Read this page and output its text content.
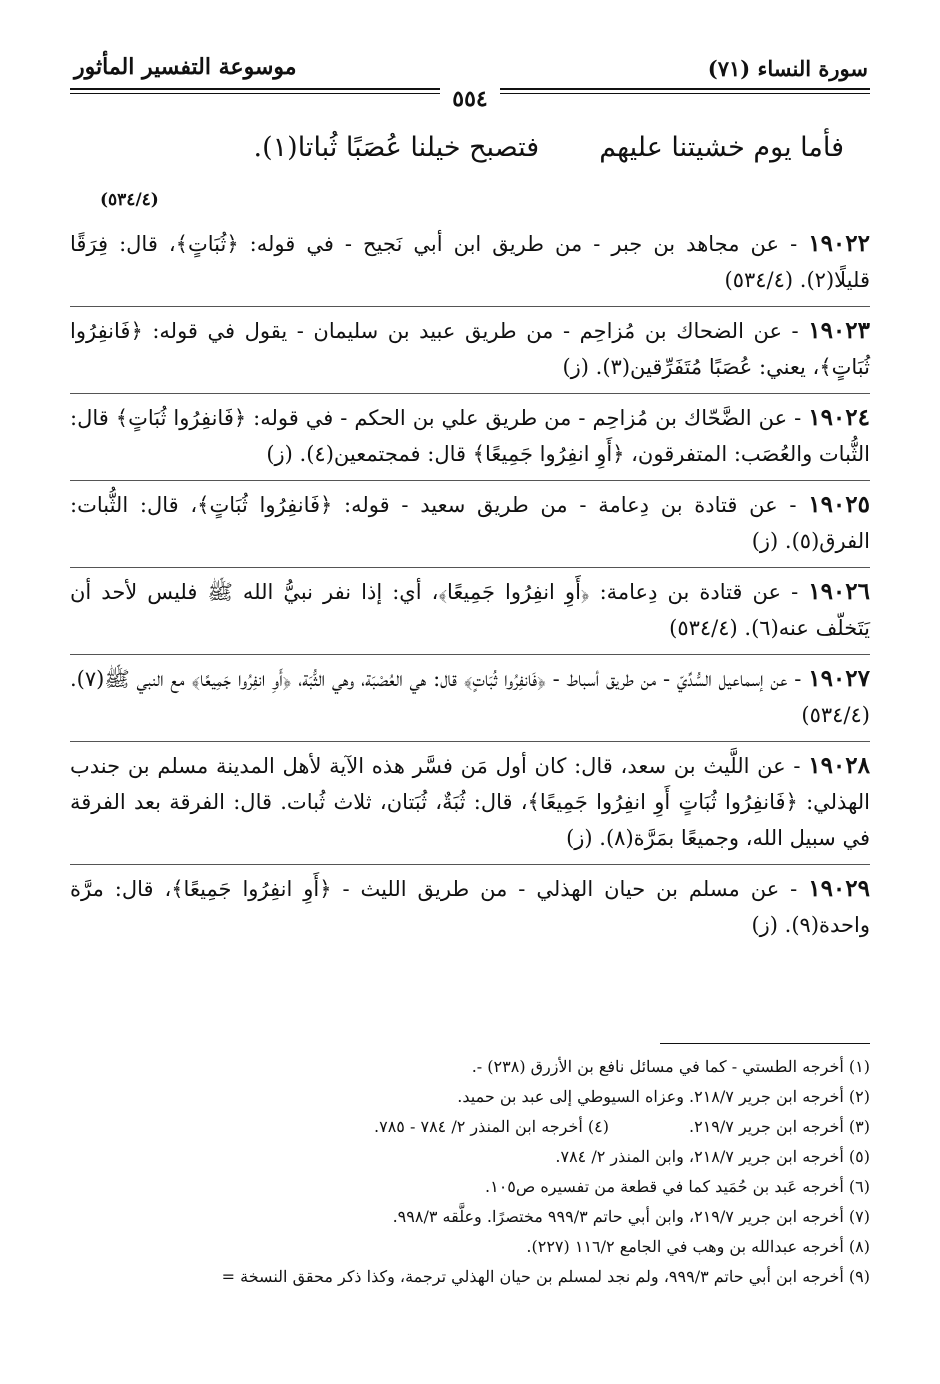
سورة النساء (٧١)
موسوعة التفسير المأثور
٥٥٤
فأما يوم خشيتنا عليهم
فتصبح خيلنا عُصَبًا ثُباتا(١).
(٥٣٤/٤)
١٩٠٢٢ - عن مجاهد بن جبر - من طريق ابن أبي نَجيح - في قوله: ﴿ثُبَاتٍ﴾، قال: فِرَقًا قليلًا(٢). (٥٣٤/٤)
١٩٠٢٣ - عن الضحاك بن مُزاحِم - من طريق عبيد بن سليمان - يقول في قوله: ﴿فَانفِرُوا ثُبَاتٍ﴾، يعني: عُصَبًا مُتَفَرِّقين(٣). (ز)
١٩٠٢٤ - عن الضَّحّاك بن مُزاحِم - من طريق علي بن الحكم - في قوله: ﴿فَانفِرُوا ثُبَاتٍ﴾ قال: الثُّبات والعُصَب: المتفرقون، ﴿أَوِ انفِرُوا جَمِيعًا﴾ قال: فمجتمعين(٤). (ز)
١٩٠٢٥ - عن قتادة بن دِعامة - من طريق سعيد - قوله: ﴿فَانفِرُوا ثُبَاتٍ﴾، قال: الثُّبات: الفرق(٥). (ز)
١٩٠٢٦ - عن قتادة بن دِعامة: ﴿أَوِ انفِرُوا جَمِيعًا﴾، أي: إذا نفر نبيُّ الله ﷺ فليس لأحد أن يَتَخلّف عنه(٦). (٥٣٤/٤)
١٩٠٢٧ - عن إسماعيل السُّدِّيّ - من طريق أسباط - ﴿فَانفِرُوا ثُبَاتٍ﴾ قال: هي العُصْبَة، وهي الثُّبَة، ﴿أَوِ انفِرُوا جَمِيعًا﴾ مع النبي ﷺ(٧). (٥٣٤/٤)
١٩٠٢٨ - عن اللَّيث بن سعد، قال: كان أول مَن فسَّر هذه الآية لأهل المدينة مسلم بن جندب الهذلي: ﴿فَانفِرُوا ثُبَاتٍ أَوِ انفِرُوا جَمِيعًا﴾، قال: ثُبَةٌ، ثُبَتان، ثلاث ثُبات. قال: الفرقة بعد الفرقة في سبيل الله، وجميعًا بمَرَّة(٨). (ز)
١٩٠٢٩ - عن مسلم بن حيان الهذلي - من طريق الليث - ﴿أَوِ انفِرُوا جَمِيعًا﴾، قال: مرَّة واحدة(٩). (ز)
(١) أخرجه الطستي - كما في مسائل نافع بن الأزرق (٢٣٨) -.
(٢) أخرجه ابن جرير ٢١٨/٧. وعزاه السيوطي إلى عبد بن حميد.
(٣) أخرجه ابن جرير ٢١٩/٧.
(٤) أخرجه ابن المنذر ٢/ ٧٨٤ - ٧٨٥.
(٥) أخرجه ابن جرير ٢١٨/٧، وابن المنذر ٢/ ٧٨٤.
(٦) أخرجه عَبد بن حُمَيد كما في قطعة من تفسيره ص١٠٥.
(٧) أخرجه ابن جرير ٢١٩/٧، وابن أبي حاتم ٩٩٩/٣ مختصرًا. وعلَّقه ٩٩٨/٣.
(٨) أخرجه عبدالله بن وهب في الجامع ١١٦/٢ (٢٢٧).
(٩) أخرجه ابن أبي حاتم ٩٩٩/٣، ولم نجد لمسلم بن حيان الهذلي ترجمة، وكذا ذكر محقق النسخة =
